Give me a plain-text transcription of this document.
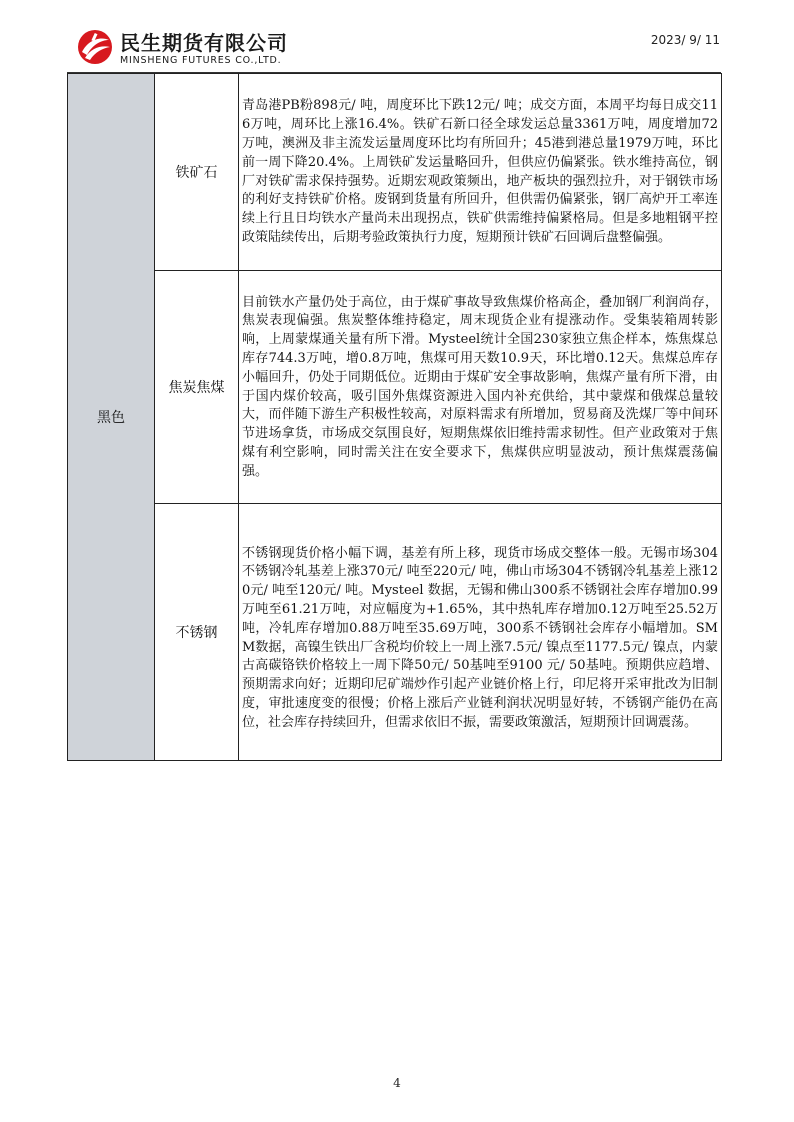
民生期货有限公司
MINSHENG FUTURES CO.,LTD.
2023/ 9/ 11
黑色	铁矿石	青岛港PB粉898元/ 吨，周度环比下跌12元/ 吨；成交方面，本周平均每日成交116万吨，周环比上涨16.4%。铁矿石新口径全球发运总量3361万吨，周度增加72万吨，澳洲及非主流发运量周度环比均有所回升；45港到港总量1979万吨，环比前一周下降20.4%。上周铁矿发运量略回升，但供应仍偏紧张。铁水维持高位，钢厂对铁矿需求保持强势。近期宏观政策频出，地产板块的强烈拉升，对于钢铁市场的利好支持铁矿价格。废钢到货量有所回升，但供需仍偏紧张，钢厂高炉开工率连续上行且日均铁水产量尚未出现拐点，铁矿供需维持偏紧格局。但是多地粗钢平控政策陆续传出，后期考验政策执行力度，短期预计铁矿石回调后盘整偏强。

	焦炭焦煤	目前铁水产量仍处于高位，由于煤矿事故导致焦煤价格高企，叠加钢厂利润尚存，焦炭表现偏强。焦炭整体维持稳定，周末现货企业有提涨动作。受集装箱周转影响，上周蒙煤通关量有所下滑。Mysteel统计全国230家独立焦企样本，炼焦煤总库存744.3万吨，增0.8万吨，焦煤可用天数10.9天，环比增0.12天。焦煤总库存小幅回升，仍处于同期低位。近期由于煤矿安全事故影响，焦煤产量有所下滑，由于国内煤价较高，吸引国外焦煤资源进入国内补充供给，其中蒙煤和俄煤总量较大，而伴随下游生产积极性较高，对原料需求有所增加，贸易商及洗煤厂等中间环节进场拿货，市场成交氛围良好，短期焦煤依旧维持需求韧性。但产业政策对于焦煤有利空影响，同时需关注在安全要求下，焦煤供应明显波动，预计焦煤震荡偏强。

	不锈钢	不锈钢现货价格小幅下调，基差有所上移，现货市场成交整体一般。无锡市场304不锈钢冷轧基差上涨370元/ 吨至220元/ 吨，佛山市场304不锈钢冷轧基差上涨120元/ 吨至120元/ 吨。Mysteel 数据，无锡和佛山300系不锈钢社会库存增加0.99万吨至61.21万吨，对应幅度为+1.65%，其中热轧库存增加0.12万吨至25.52万吨，冷轧库存增加0.88万吨至35.69万吨，300系不锈钢社会库存小幅增加。SMM数据，高镍生铁出厂含税均价较上一周上涨7.5元/ 镍点至1177.5元/ 镍点，内蒙古高碳铬铁价格较上一周下降50元/ 50基吨至9100 元/ 50基吨。预期供应趋增、预期需求向好；近期印尼矿端炒作引起产业链价格上行，印尼将开采审批改为旧制度，审批速度变的很慢；价格上涨后产业链利润状况明显好转，不锈钢产能仍在高位，社会库存持续回升，但需求依旧不振，需要政策激活，短期预计回调震荡。
4
